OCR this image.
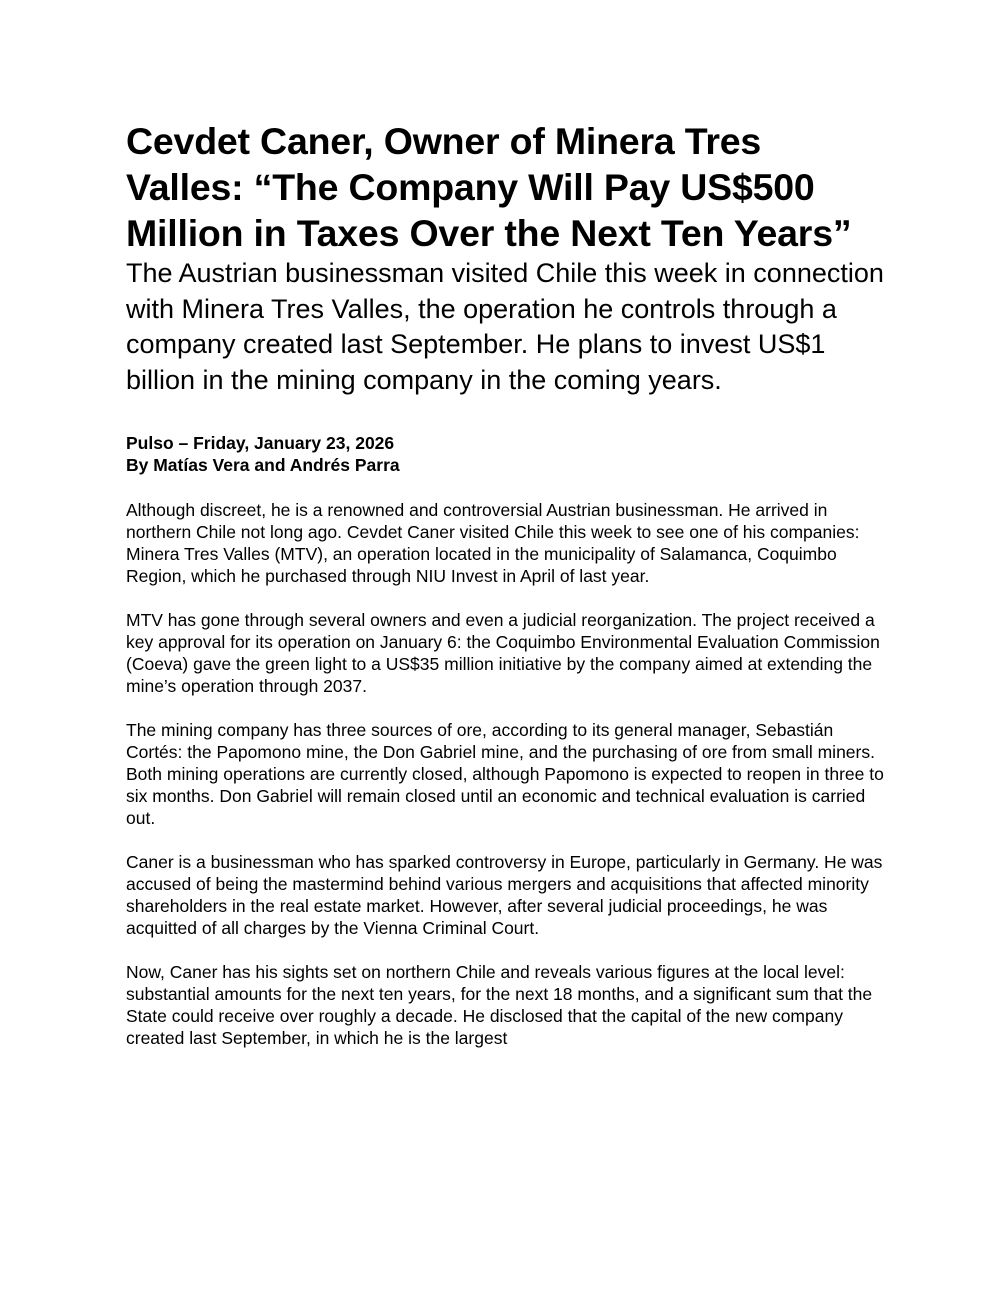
Cevdet Caner, Owner of Minera Tres Valles: “The Company Will Pay US$500 Million in Taxes Over the Next Ten Years”
The Austrian businessman visited Chile this week in connection with Minera Tres Valles, the operation he controls through a company created last September. He plans to invest US$1 billion in the mining company in the coming years.
Pulso – Friday, January 23, 2026
By Matías Vera and Andrés Parra

Although discreet, he is a renowned and controversial Austrian businessman. He arrived in northern Chile not long ago. Cevdet Caner visited Chile this week to see one of his companies: Minera Tres Valles (MTV), an operation located in the municipality of Salamanca, Coquimbo Region, which he purchased through NIU Invest in April of last year.

MTV has gone through several owners and even a judicial reorganization. The project received a key approval for its operation on January 6: the Coquimbo Environmental Evaluation Commission (Coeva) gave the green light to a US$35 million initiative by the company aimed at extending the mine’s operation through 2037.

The mining company has three sources of ore, according to its general manager, Sebastián Cortés: the Papomono mine, the Don Gabriel mine, and the purchasing of ore from small miners. Both mining operations are currently closed, although Papomono is expected to reopen in three to six months. Don Gabriel will remain closed until an economic and technical evaluation is carried out.

Caner is a businessman who has sparked controversy in Europe, particularly in Germany. He was accused of being the mastermind behind various mergers and acquisitions that affected minority shareholders in the real estate market. However, after several judicial proceedings, he was acquitted of all charges by the Vienna Criminal Court.

Now, Caner has his sights set on northern Chile and reveals various figures at the local level: substantial amounts for the next ten years, for the next 18 months, and a significant sum that the State could receive over roughly a decade. He disclosed that the capital of the new company created last September, in which he is the largest
